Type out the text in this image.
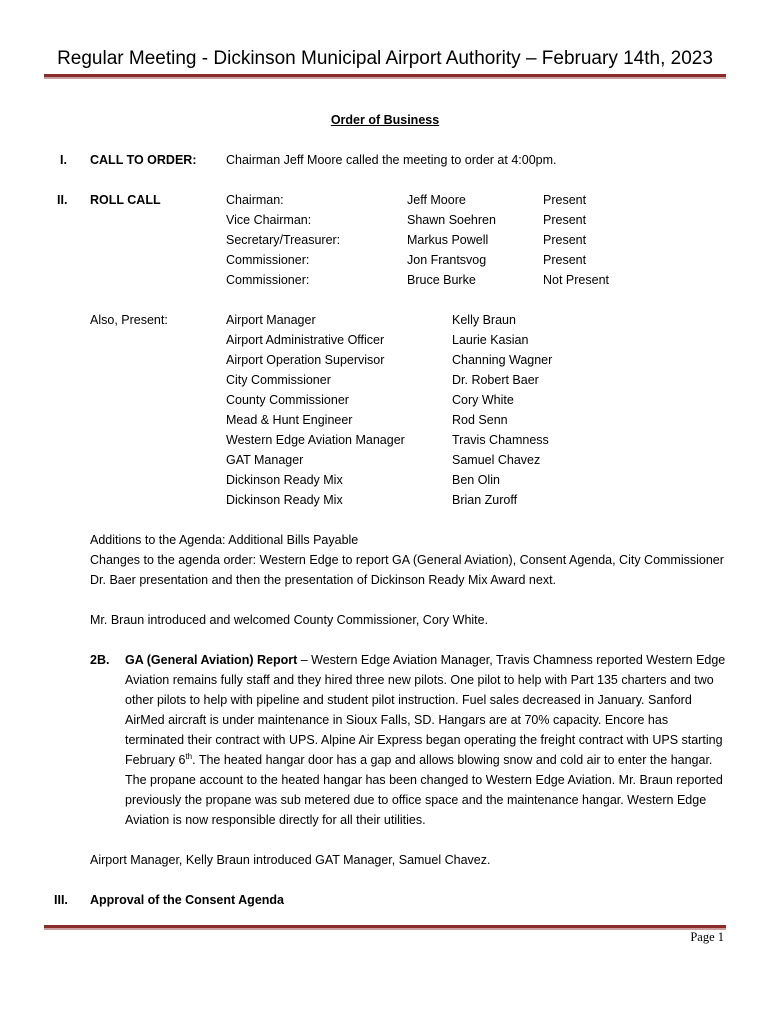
Regular Meeting - Dickinson Municipal Airport Authority – February 14th, 2023
Order of Business
I. CALL TO ORDER: Chairman Jeff Moore called the meeting to order at 4:00pm.
II. ROLL CALL	Chairman:	Jeff Moore	Present
Vice Chairman:	Shawn Soehren	Present
Secretary/Treasurer:	Markus Powell	Present
Commissioner:	Jon Frantsvog	Present
Commissioner:	Bruce Burke	Not Present
Also, Present:	Airport Manager	Kelly Braun
Airport Administrative Officer	Laurie Kasian
Airport Operation Supervisor	Channing Wagner
City Commissioner	Dr. Robert Baer
County Commissioner	Cory White
Mead & Hunt Engineer	Rod Senn
Western Edge Aviation Manager	Travis Chamness
GAT Manager	Samuel Chavez
Dickinson Ready Mix	Ben Olin
Dickinson Ready Mix	Brian Zuroff
Additions to the Agenda: Additional Bills Payable
Changes to the agenda order: Western Edge to report GA (General Aviation), Consent Agenda, City Commissioner Dr. Baer presentation and then the presentation of Dickinson Ready Mix Award next.
Mr. Braun introduced and welcomed County Commissioner, Cory White.
2B. GA (General Aviation) Report – Western Edge Aviation Manager, Travis Chamness reported Western Edge Aviation remains fully staff and they hired three new pilots. One pilot to help with Part 135 charters and two other pilots to help with pipeline and student pilot instruction. Fuel sales decreased in January. Sanford AirMed aircraft is under maintenance in Sioux Falls, SD. Hangars are at 70% capacity. Encore has terminated their contract with UPS. Alpine Air Express began operating the freight contract with UPS starting February 6th. The heated hangar door has a gap and allows blowing snow and cold air to enter the hangar. The propane account to the heated hangar has been changed to Western Edge Aviation. Mr. Braun reported previously the propane was sub metered due to office space and the maintenance hangar. Western Edge Aviation is now responsible directly for all their utilities.
Airport Manager, Kelly Braun introduced GAT Manager, Samuel Chavez.
III. Approval of the Consent Agenda
Page 1
